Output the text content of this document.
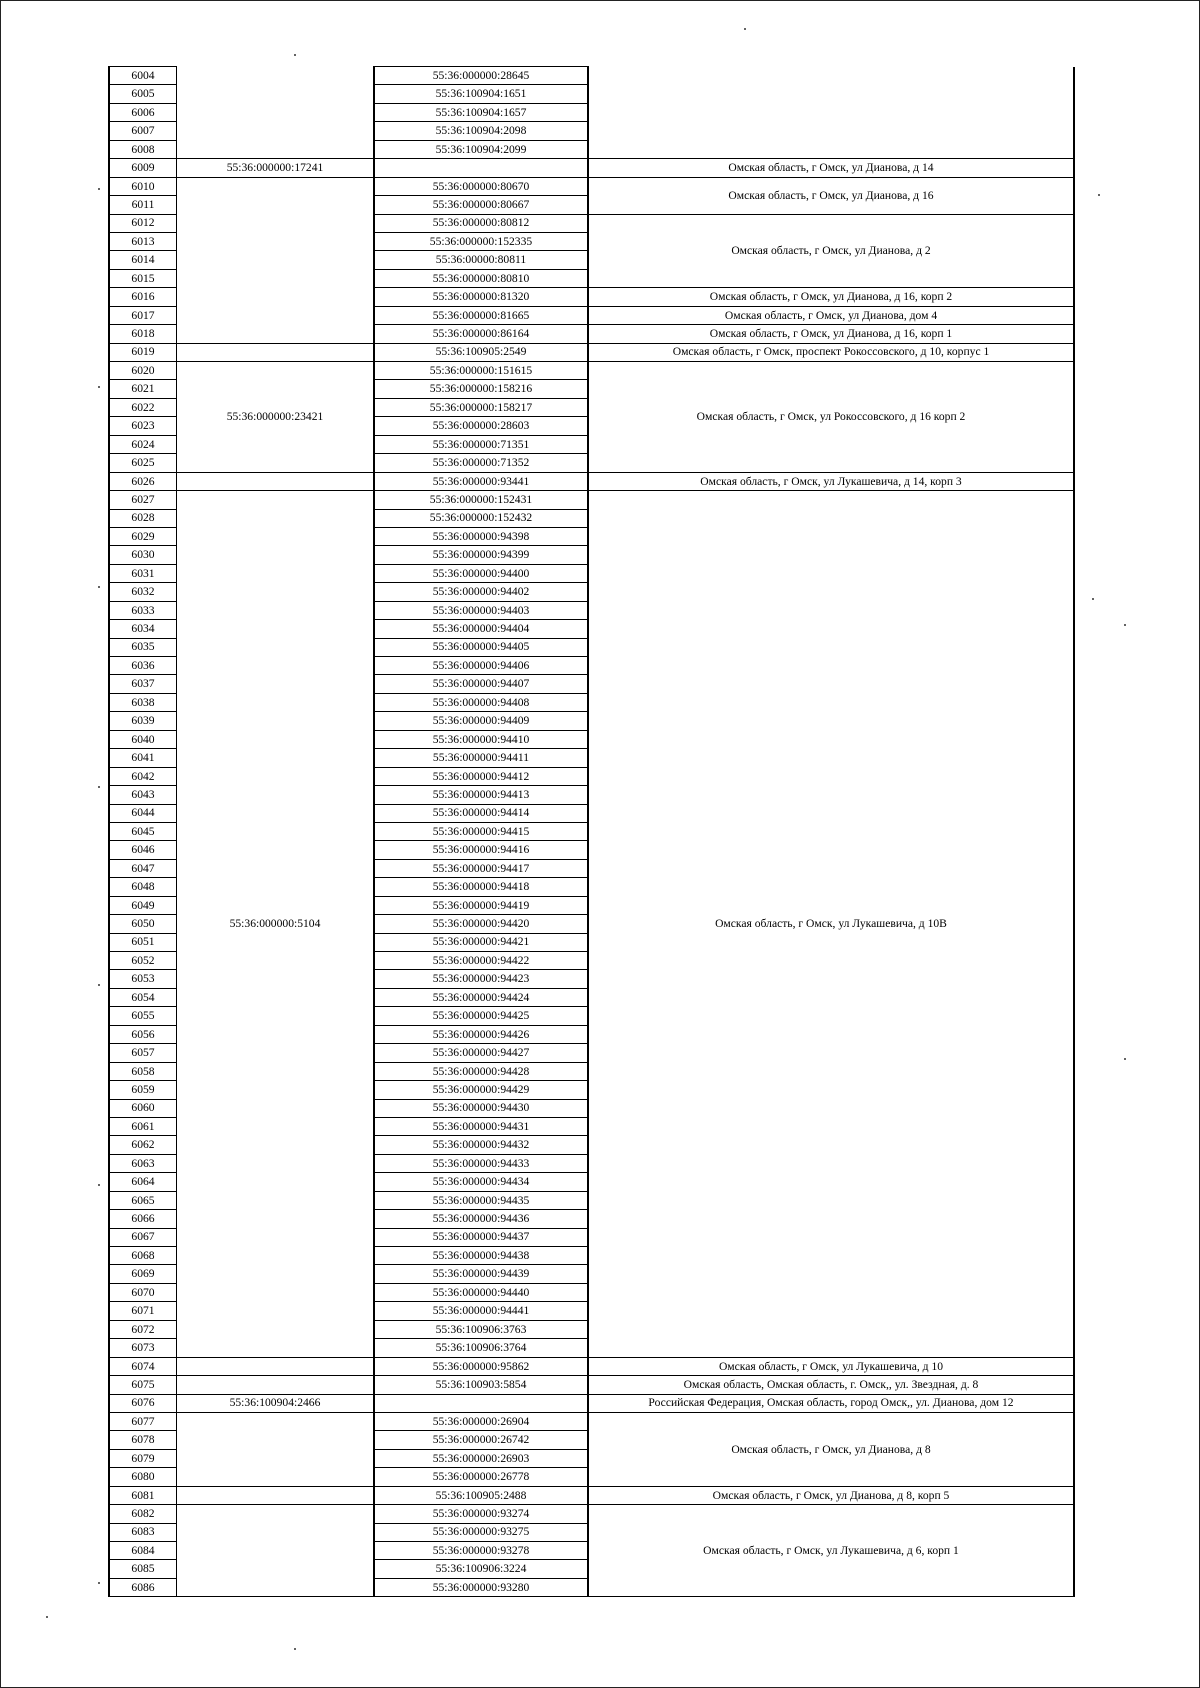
6004		55:36:000000:28645	
6005		55:36:100904:1651	
6006		55:36:100904:1657	
6007		55:36:100904:2098	
6008		55:36:100904:2099	
6009	55:36:000000:17241		Омская область, г Омск, ул Дианова, д 14
6010		55:36:000000:80670	Омская область, г Омск, ул Дианова, д 16
6011		55:36:000000:80667	
6012		55:36:000000:80812	Омская область, г Омск, ул Дианова, д 2
6013		55:36:000000:152335	
6014		55:36:00000:80811	
6015		55:36:000000:80810	
6016		55:36:000000:81320	Омская область, г Омск, ул Дианова, д 16, корп 2
6017		55:36:000000:81665	Омская область, г Омск, ул Дианова, дом 4
6018		55:36:000000:86164	Омская область, г Омск, ул Дианова, д 16, корп 1
6019		55:36:100905:2549	Омская область, г Омск, проспект Рокоссовского, д 10, корпус 1
6020	55:36:000000:23421	55:36:000000:151615	Омская область, г Омск, ул Рокоссовского, д 16 корп 2
6021		55:36:000000:158216	
6022		55:36:000000:158217	
6023		55:36:000000:28603	
6024		55:36:000000:71351	
6025		55:36:000000:71352	
6026		55:36:000000:93441	Омская область, г Омск, ул Лукашевича, д 14, корп 3
6027	55:36:000000:5104	55:36:000000:152431	Омская область, г Омск, ул Лукашевича, д 10В
6028		55:36:000000:152432	
6029		55:36:000000:94398	
6030		55:36:000000:94399	
6031		55:36:000000:94400	
6032		55:36:000000:94402	
6033		55:36:000000:94403	
6034		55:36:000000:94404	
6035		55:36:000000:94405	
6036		55:36:000000:94406	
6037		55:36:000000:94407	
6038		55:36:000000:94408	
6039		55:36:000000:94409	
6040		55:36:000000:94410	
6041		55:36:000000:94411	
6042		55:36:000000:94412	
6043		55:36:000000:94413	
6044		55:36:000000:94414	
6045		55:36:000000:94415	
6046		55:36:000000:94416	
6047		55:36:000000:94417	
6048		55:36:000000:94418	
6049		55:36:000000:94419	
6050		55:36:000000:94420	
6051		55:36:000000:94421	
6052		55:36:000000:94422	
6053		55:36:000000:94423	
6054		55:36:000000:94424	
6055		55:36:000000:94425	
6056		55:36:000000:94426	
6057		55:36:000000:94427	
6058		55:36:000000:94428	
6059		55:36:000000:94429	
6060		55:36:000000:94430	
6061		55:36:000000:94431	
6062		55:36:000000:94432	
6063		55:36:000000:94433	
6064		55:36:000000:94434	
6065		55:36:000000:94435	
6066		55:36:000000:94436	
6067		55:36:000000:94437	
6068		55:36:000000:94438	
6069		55:36:000000:94439	
6070		55:36:000000:94440	
6071		55:36:000000:94441	
6072		55:36:100906:3763	
6073		55:36:100906:3764	
6074		55:36:000000:95862	Омская область, г Омск, ул Лукашевича, д 10
6075		55:36:100903:5854	Омская область, Омская область, г. Омск,, ул. Звездная, д. 8
6076	55:36:100904:2466		Российская Федерация, Омская область, город Омск,, ул. Дианова, дом 12
6077		55:36:000000:26904	Омская область, г Омск, ул Дианова, д 8
6078		55:36:000000:26742	
6079		55:36:000000:26903	
6080		55:36:000000:26778	
6081		55:36:100905:2488	Омская область, г Омск, ул Дианова, д 8, корп 5
6082		55:36:000000:93274	Омская область, г Омск, ул Лукашевича, д 6, корп 1
6083		55:36:000000:93275	
6084		55:36:000000:93278	
6085		55:36:100906:3224	
6086		55:36:000000:93280	
